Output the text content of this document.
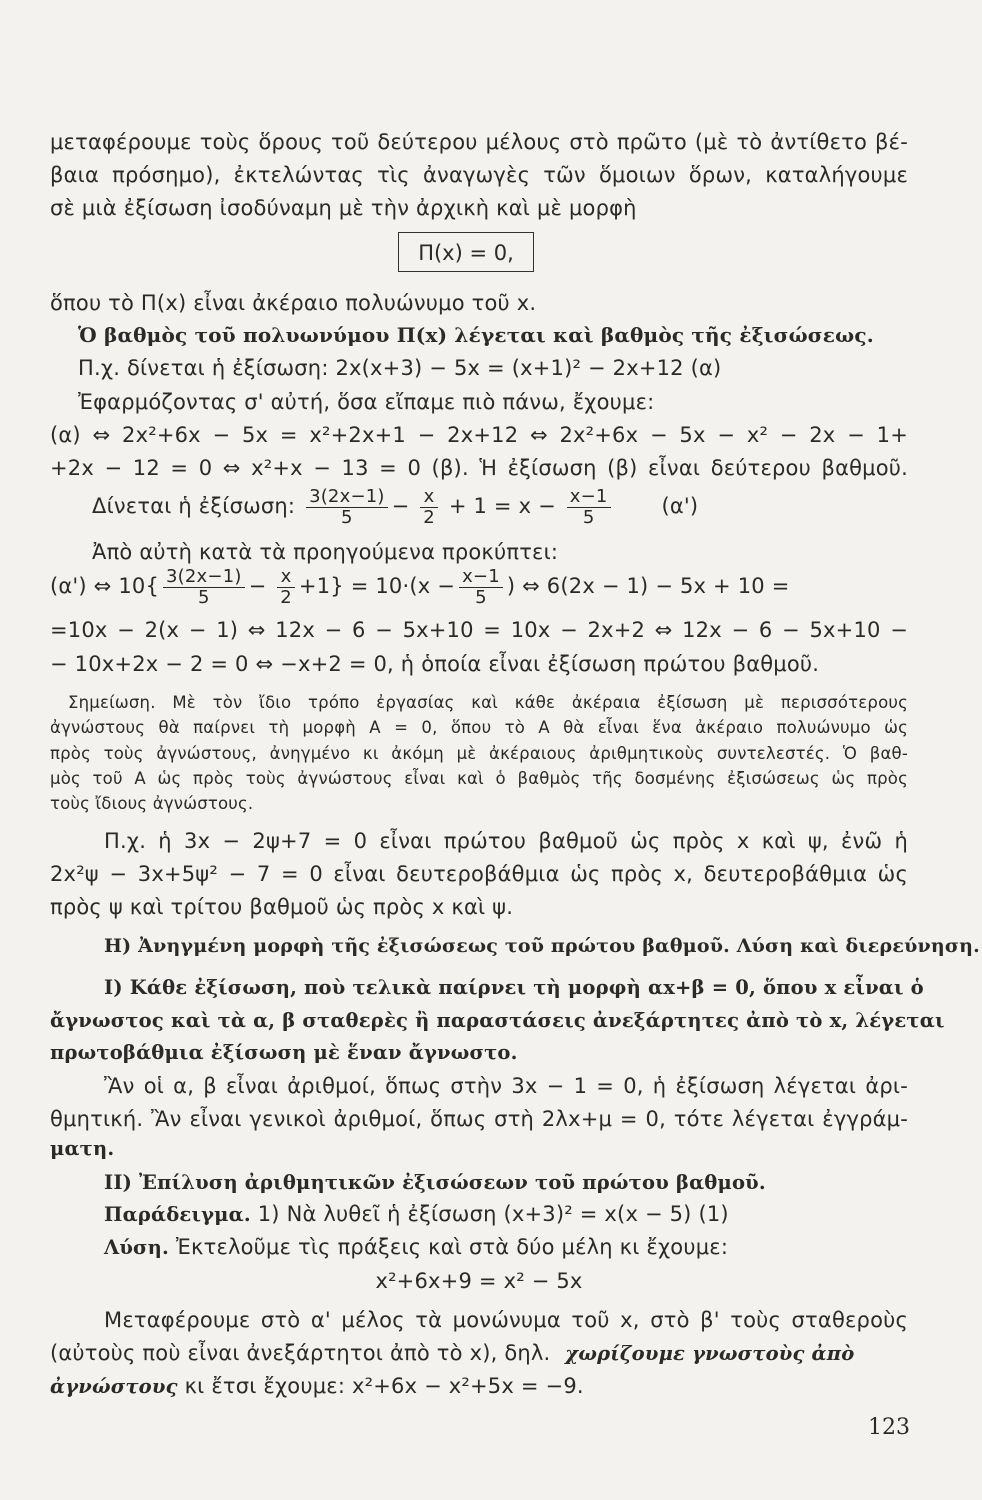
μεταφέρουμε τοὺς ὅρους τοῦ δεύτερου μέλους στὸ πρῶτο (μὲ τὸ ἀντίθετο βέ-
βαια πρόσημο), ἐκτελώντας τὶς ἀναγωγὲς τῶν ὅμοιων ὅρων, καταλήγουμε
σὲ μιὰ ἐξίσωση ἰσοδύναμη μὲ τὴν ἀρχικὴ καὶ μὲ μορφὴ
Π(x) = 0,
ὅπου τὸ Π(x) εἶναι ἀκέραιο πολυώνυμο τοῦ x.
Ὁ βαθμὸς τοῦ πολυωνύμου Π(x) λέγεται καὶ βαθμὸς τῆς ἐξισώσεως.
Π.χ. δίνεται ἡ ἐξίσωση: 2x(x+3) − 5x = (x+1)² − 2x+12 (α)
Ἐφαρμόζοντας σ' αὐτή, ὅσα εἴπαμε πιὸ πάνω, ἔχουμε:
(α) ⇔ 2x²+6x − 5x = x²+2x+1 − 2x+12 ⇔ 2x²+6x − 5x − x² − 2x − 1+
+2x − 12 = 0 ⇔ x²+x − 13 = 0 (β). Ἡ ἐξίσωση (β) εἶναι δεύτερου βαθμοῦ.
Δίνεται ἡ ἐξίσωση: $\frac{3(2x-1)}{5} - \frac{x}{2} + 1 = x - \frac{x-1}{5} (\alpha')$
Ἀπὸ αὐτὴ κατὰ τὰ προηγούμενα προκύπτει:
(α') ⇔ $10\{ \frac{3(2x-1)}{5} - \frac{x}{2} +1\} = 10\cdot(x - \frac{x-1}{5}$ ) ⇔ 6(2x − 1) − 5x + 10 =
=10x − 2(x − 1) ⇔ 12x − 6 − 5x+10 = 10x − 2x+2 ⇔ 12x − 6 − 5x+10 −
− 10x+2x − 2 = 0 ⇔ −x+2 = 0, ἡ ὁποία εἶναι ἐξίσωση πρώτου βαθμοῦ.
Σημείωση. Μὲ τὸν ἴδιο τρόπο ἐργασίας καὶ κάθε ἀκέραια ἐξίσωση μὲ περισσότερους
ἀγνώστους θὰ παίρνει τὴ μορφὴ A = 0, ὅπου τὸ A θὰ εἶναι ἕνα ἀκέραιο πολυώνυμο ὡς
πρὸς τοὺς ἀγνώστους, ἀνηγμένο κι ἀκόμη μὲ ἀκέραιους ἀριθμητικοὺς συντελεστές. Ὁ βαθ-
μὸς τοῦ A ὡς πρὸς τοὺς ἀγνώστους εἶναι καὶ ὁ βαθμὸς τῆς δοσμένης ἐξισώσεως ὡς πρὸς
τοὺς ἴδιους ἀγνώστους.
Π.χ. ἡ 3x − 2ψ+7 = 0 εἶναι πρώτου βαθμοῦ ὡς πρὸς x καὶ ψ, ἐνῶ ἡ
2x²ψ − 3x+5ψ² − 7 = 0 εἶναι δευτεροβάθμια ὡς πρὸς x, δευτεροβάθμια ὡς
πρὸς ψ καὶ τρίτου βαθμοῦ ὡς πρὸς x καὶ ψ.
Η) Ἀνηγμένη μορφὴ τῆς ἐξισώσεως τοῦ πρώτου βαθμοῦ. Λύση καὶ διερεύνηση.
Ι) Κάθε ἐξίσωση, ποὺ τελικὰ παίρνει τὴ μορφὴ αx+β = 0, ὅπου x εἶναι ὁ
ἄγνωστος καὶ τὰ α, β σταθερὲς ἢ παραστάσεις ἀνεξάρτητες ἀπὸ τὸ x, λέγεται
πρωτοβάθμια ἐξίσωση μὲ ἕναν ἄγνωστο.
Ἂν οἱ α, β εἶναι ἀριθμοί, ὅπως στὴν 3x − 1 = 0, ἡ ἐξίσωση λέγεται ἀρι-
θμητική. Ἂν εἶναι γενικοὶ ἀριθμοί, ὅπως στὴ 2λx+μ = 0, τότε λέγεται ἐγγράμ-
ματη.
ΙΙ) Ἐπίλυση ἀριθμητικῶν ἐξισώσεων τοῦ πρώτου βαθμοῦ.
Παράδειγμα. 1) Νὰ λυθεῖ ἡ ἐξίσωση (x+3)² = x(x − 5) (1)
Λύση. Ἐκτελοῦμε τὶς πράξεις καὶ στὰ δύο μέλη κι ἔχουμε:
x²+6x+9 = x² − 5x
Μεταφέρουμε στὸ α' μέλος τὰ μονώνυμα τοῦ x, στὸ β' τοὺς σταθεροὺς
(αὐτοὺς ποὺ εἶναι ἀνεξάρτητοι ἀπὸ τὸ x), δηλ. χωρίζουμε γνωστοὺς ἀπὸ
ἀγνώστους κι ἔτσι ἔχουμε: x²+6x − x²+5x = −9.
123
